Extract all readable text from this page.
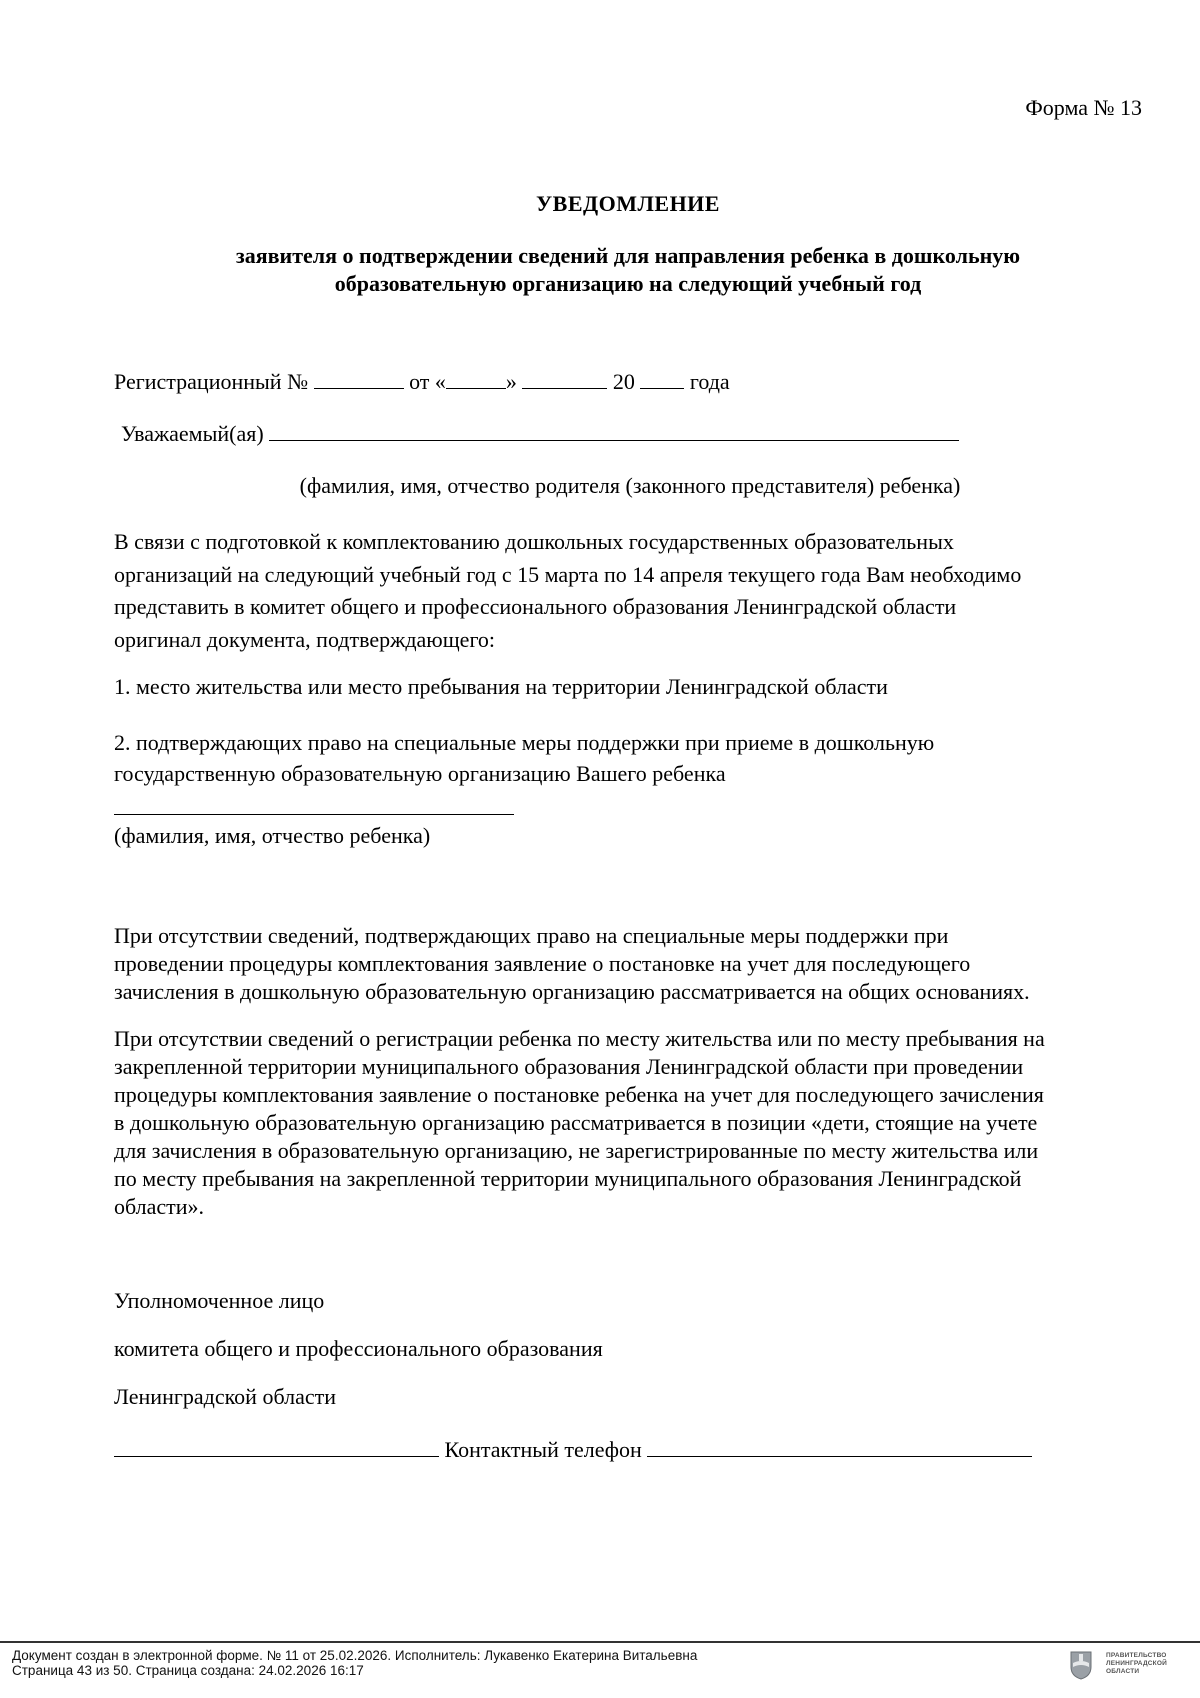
Форма № 13
УВЕДОМЛЕНИЕ
заявителя о подтверждении сведений для направления ребенка в дошкольную
образовательную организацию на следующий учебный год
Регистрационный №	от «	»	20	года
Уважаемый(ая)
(фамилия, имя, отчество родителя (законного представителя) ребенка)
В связи с подготовкой к комплектованию дошкольных государственных образовательных
организаций на следующий учебный год с 15 марта по 14 апреля текущего года Вам необходимо
представить в комитет общего и профессионального образования Ленинградской области
оригинал документа, подтверждающего:
1. место жительства или место пребывания на территории Ленинградской области
2. подтверждающих право на специальные меры поддержки при приеме в дошкольную
государственную образовательную организацию Вашего ребенка
(фамилия, имя, отчество ребенка)
При отсутствии сведений, подтверждающих право на специальные меры поддержки при
проведении процедуры комплектования заявление о постановке на учет для последующего
зачисления в дошкольную образовательную организацию рассматривается на общих основаниях.
При отсутствии сведений о регистрации ребенка по месту жительства или по месту пребывания на
закрепленной территории муниципального образования Ленинградской области при проведении
процедуры комплектования заявление о постановке ребенка на учет для последующего зачисления
в дошкольную образовательную организацию рассматривается в позиции «дети, стоящие на учете
для зачисления в образовательную организацию, не зарегистрированные по месту жительства или
по месту пребывания на закрепленной территории муниципального образования Ленинградской
области».
Уполномоченное лицо
комитета общего и профессионального образования
Ленинградской области
Контактный телефон
Документ создан в электронной форме. № 11 от 25.02.2026. Исполнитель: Лукавенко Екатерина Витальевна
Страница 43 из 50. Страница создана: 24.02.2026 16:17
ПРАВИТЕЛЬСТВО
ЛЕНИНГРАДСКОЙ
ОБЛАСТИ
